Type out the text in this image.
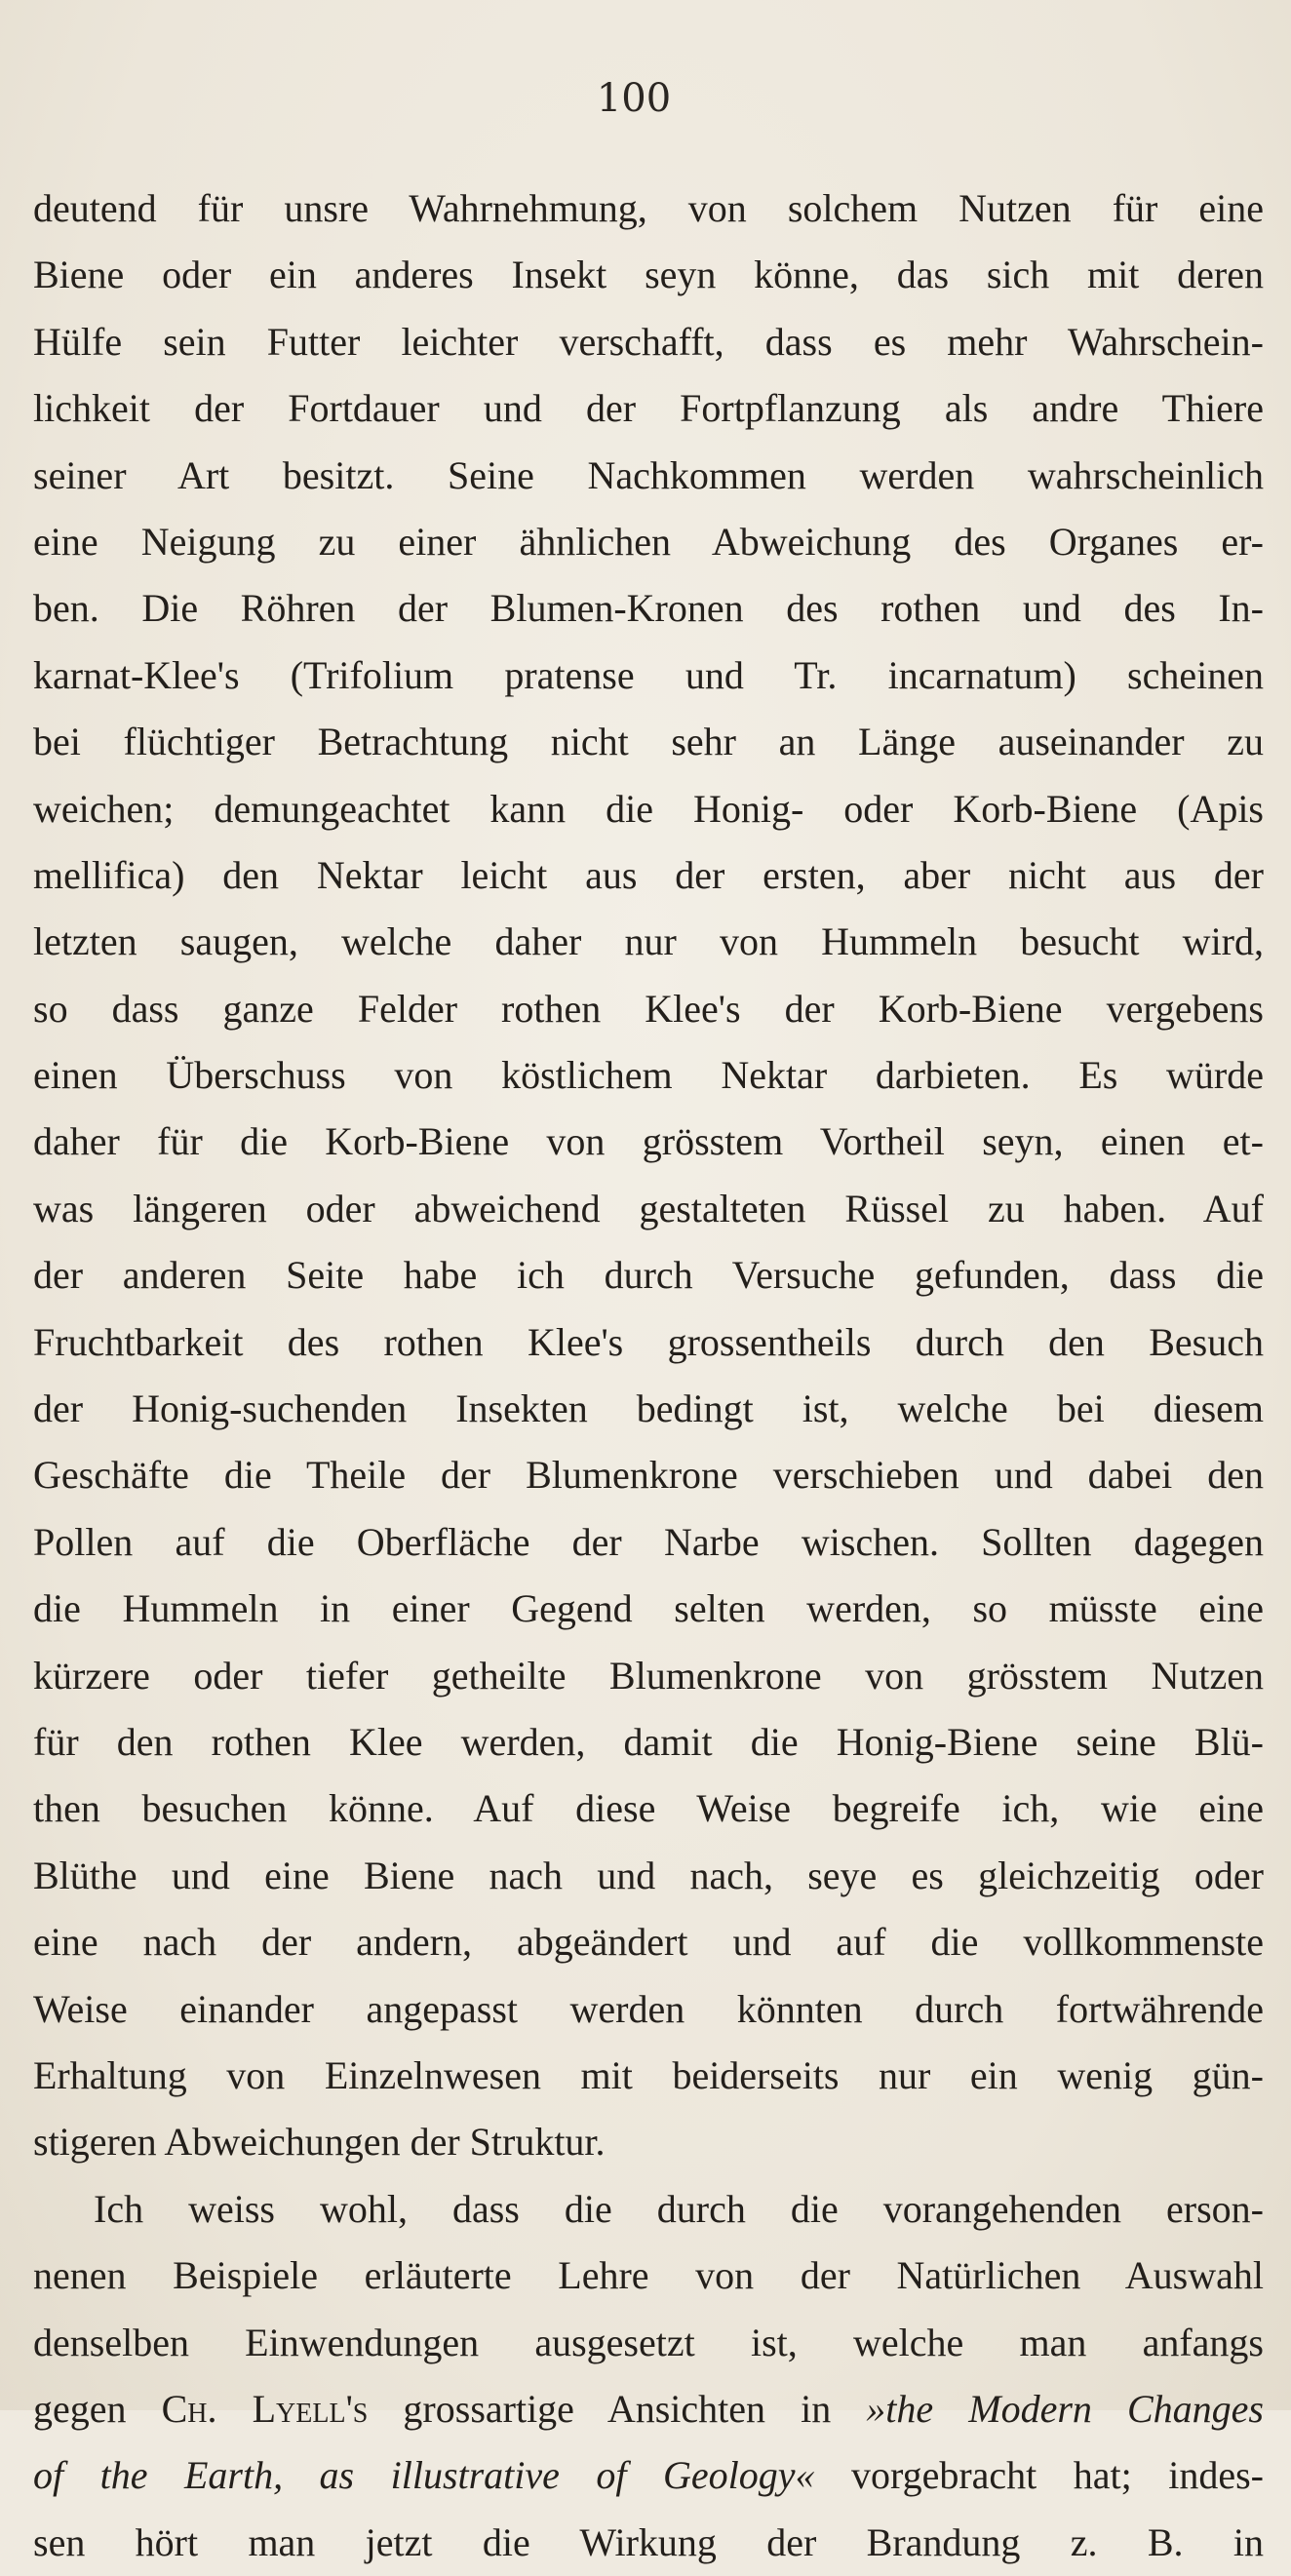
100
deutend für unsre Wahrnehmung, von solchem Nutzen für eine
Biene oder ein anderes Insekt seyn könne, das sich mit deren
Hülfe sein Futter leichter verschafft, dass es mehr Wahrschein-
lichkeit der Fortdauer und der Fortpflanzung als andre Thiere
seiner Art besitzt. Seine Nachkommen werden wahrscheinlich
eine Neigung zu einer ähnlichen Abweichung des Organes er-
ben. Die Röhren der Blumen-Kronen des rothen und des In-
karnat-Klee's (Trifolium pratense und Tr. incarnatum) scheinen
bei flüchtiger Betrachtung nicht sehr an Länge auseinander zu
weichen; demungeachtet kann die Honig- oder Korb-Biene (Apis
mellifica) den Nektar leicht aus der ersten, aber nicht aus der
letzten saugen, welche daher nur von Hummeln besucht wird,
so dass ganze Felder rothen Klee's der Korb-Biene vergebens
einen Überschuss von köstlichem Nektar darbieten. Es würde
daher für die Korb-Biene von grösstem Vortheil seyn, einen et-
was längeren oder abweichend gestalteten Rüssel zu haben. Auf
der anderen Seite habe ich durch Versuche gefunden, dass die
Fruchtbarkeit des rothen Klee's grossentheils durch den Besuch
der Honig-suchenden Insekten bedingt ist, welche bei diesem
Geschäfte die Theile der Blumenkrone verschieben und dabei den
Pollen auf die Oberfläche der Narbe wischen. Sollten dagegen
die Hummeln in einer Gegend selten werden, so müsste eine
kürzere oder tiefer getheilte Blumenkrone von grösstem Nutzen
für den rothen Klee werden, damit die Honig-Biene seine Blü-
then besuchen könne. Auf diese Weise begreife ich, wie eine
Blüthe und eine Biene nach und nach, seye es gleichzeitig oder
eine nach der andern, abgeändert und auf die vollkommenste
Weise einander angepasst werden könnten durch fortwährende
Erhaltung von Einzelnwesen mit beiderseits nur ein wenig gün-
stigeren Abweichungen der Struktur.
Ich weiss wohl, dass die durch die vorangehenden erson-
nenen Beispiele erläuterte Lehre von der Natürlichen Auswahl
denselben Einwendungen ausgesetzt ist, welche man anfangs
gegen Ch. Lyell's grossartige Ansichten in »the Modern Changes
of the Earth, as illustrative of Geology« vorgebracht hat; indes-
sen hört man jetzt die Wirkung der Brandung z. B. in
